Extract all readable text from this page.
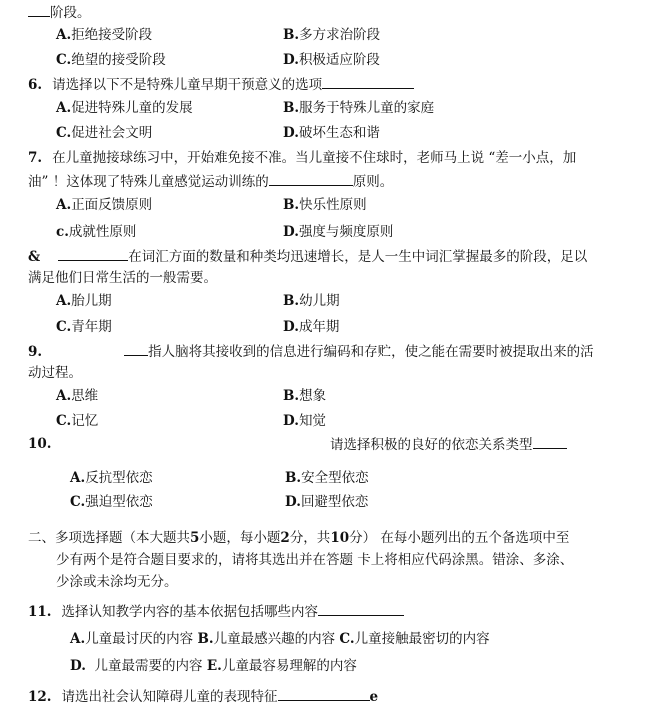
阶段。
A.拒绝接受阶段	B.多方求治阶段
C.绝望的接受阶段	D.积极适应阶段
6. 请选择以下不是特殊儿童早期干预意义的选项
A.促进特殊儿童的发展	B.服务于特殊儿童的家庭
C.促进社会文明	D.破坏生态和谐
7. 在儿童抛接球练习中，开始难免接不准。当儿童接不住球时，老师马上说 “差一小点，加
油” ！这体现了特殊儿童感觉运动训练的	原则。
A.正面反馈原则	B.快乐性原则
c.成就性原则	D.强度与频度原则
&	在词汇方面的数量和种类均迅速增长，是人一生中词汇掌握最多的阶段，足以
满足他们日常生活的一般需要。
A.胎儿期	B.幼儿期
C.青年期	D.成年期
9.	指人脑将其接收到的信息进行编码和存贮，使之能在需要时被提取出来的活
动过程。
A.思维	B.想象
C.记忆	D.知觉
10.	请选择积极的良好的依恋关系类型
A.反抗型依恋	B.安全型依恋
C.强迫型依恋	D.回避型依恋
二、多项选择题（本大题共5小题，每小题2分，共10分） 在每小题列出的五个备选项中至
少有两个是符合题目要求的，请将其选出并在答题 卡上将相应代码涂黑。错涂、多涂、
少涂或未涂均无分。
11. 选择认知教学内容的基本依据包括哪些内容
A.儿童最讨厌的内容 B.儿童最感兴趣的内容 C.儿童接触最密切的内容
D. 儿童最需要的内容 E.儿童最容易理解的内容
12. 请选出社会认知障碍儿童的表现特征	e
